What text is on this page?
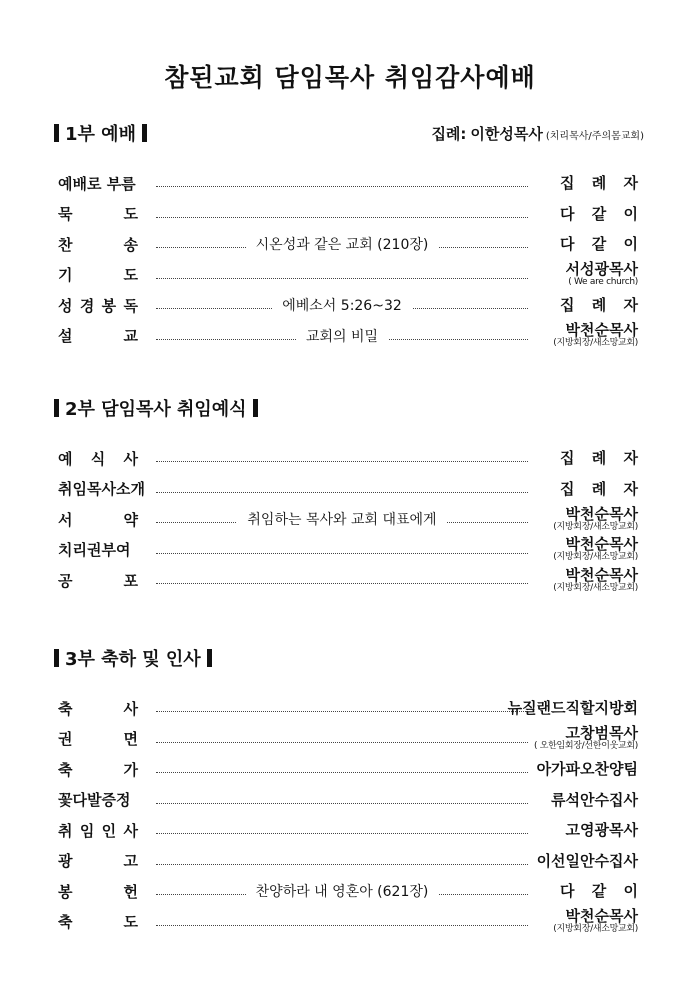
참된교회 담임목사 취임감사예배
1부 예배	집례: 이한성목사 (치리목사/주의몸교회)
예배로 부름	집 례 자
묵	도	다 같 이
찬	송	시온성과 같은 교회 (210장)	다 같 이
기	도	서성광목사
( We are church)
성 경 봉 독	에베소서 5:26~32	집 례 자
설	교	교회의 비밀	박천순목사
(지방회장/새소망교회)
2부 담임목사 취임예식
예 식 사	집 례 자
취임목사소개	집 례 자
서	약	취임하는 목사와 교회 대표에게	박천순목사
(지방회장/새소망교회)
치리권부여	박천순목사
(지방회장/새소망교회)
공	포	박천순목사
(지방회장/새소망교회)
3부 축하 및 인사
축	사	뉴질랜드직할지방회
권	면	고창범목사
( 오한임회장/선한이웃교회)
축	가	아가파오찬양팀
꽃다발증정	류석안수집사
취 임 인 사	고영광목사
광	고	이선일안수집사
봉	헌	찬양하라 내 영혼아 (621장)	다 같 이
축	도	박천순목사
(지방회장/새소망교회)
